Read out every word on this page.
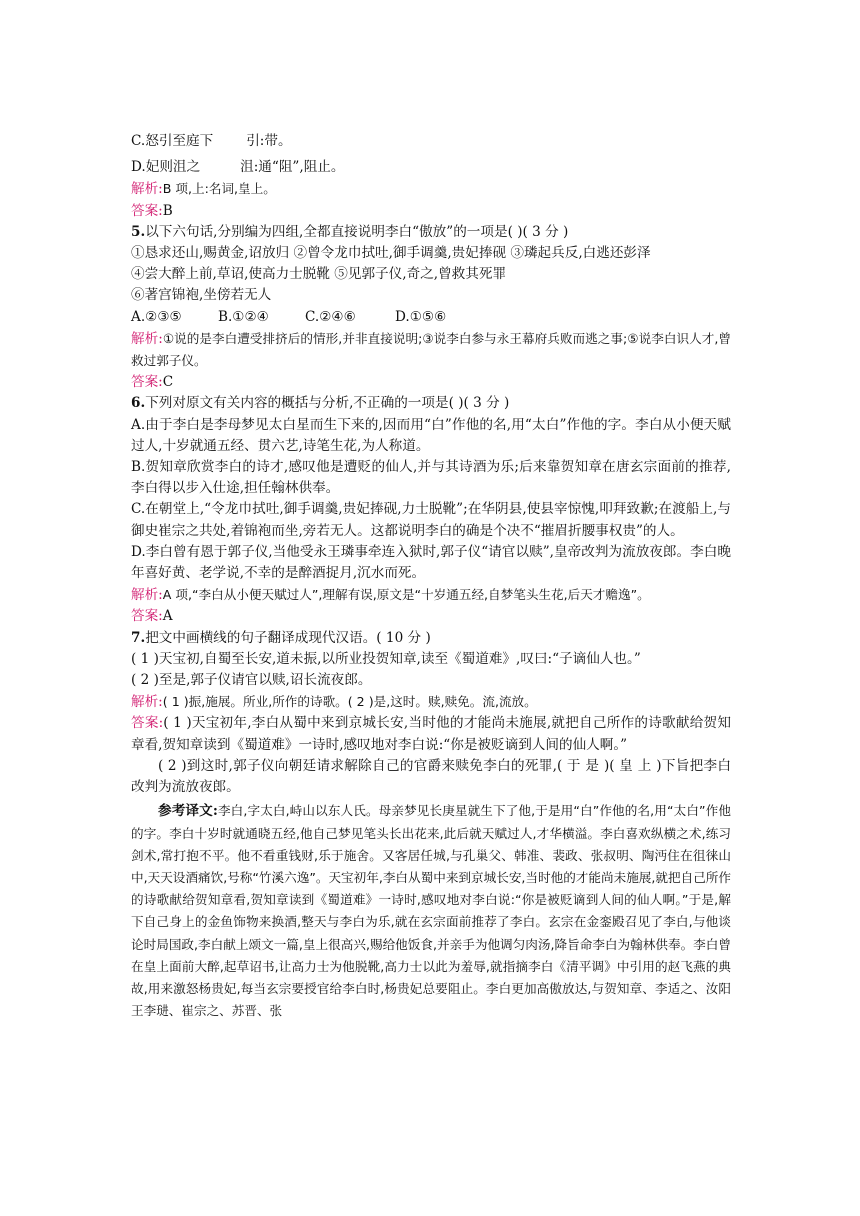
C.怒引至庭下 引:带。
D.妃则沮之	沮:通“阻”,阻止。
解析:B 项,上:名词,皇上。
答案:B
5.以下六句话,分别编为四组,全都直接说明李白“傲放”的一项是( )( 3 分 )
①恳求还山,赐黄金,诏放归 ②曾令龙巾拭吐,御手调羹,贵妃捧砚 ③璘起兵反,白逃还彭泽
④尝大醉上前,草诏,使高力士脱靴 ⑤见郭子仪,奇之,曾救其死罪
⑥著宫锦袍,坐傍若无人
A.②③⑤	B.①②④	C.②④⑥	D.①⑤⑥
解析:①说的是李白遭受排挤后的情形,并非直接说明;③说李白参与永王幕府兵败而逃之事;⑤说李白识人才,曾救过郭子仪。
答案:C
6.下列对原文有关内容的概括与分析,不正确的一项是( )( 3 分 )
A.由于李白是李母梦见太白星而生下来的,因而用“白”作他的名,用“太白”作他的字。李白从小便天赋过人,十岁就通五经、贯六艺,诗笔生花,为人称道。
B.贺知章欣赏李白的诗才,感叹他是遭贬的仙人,并与其诗酒为乐;后来靠贺知章在唐玄宗面前的推荐,李白得以步入仕途,担任翰林供奉。
C.在朝堂上,“令龙巾拭吐,御手调羹,贵妃捧砚,力士脱靴”;在华阴县,使县宰惊愧,叩拜致歉;在渡船上,与御史崔宗之共处,着锦袍而坐,旁若无人。这都说明李白的确是个决不“摧眉折腰事权贵”的人。
D.李白曾有恩于郭子仪,当他受永王璘事牵连入狱时,郭子仪“请官以赎”,皇帝改判为流放夜郎。李白晚年喜好黄、老学说,不幸的是醉酒捉月,沉水而死。
解析:A 项,“李白从小便天赋过人”,理解有误,原文是“十岁通五经,自梦笔头生花,后天才赡逸”。
答案:A
7.把文中画横线的句子翻译成现代汉语。( 10 分 )
( 1 )天宝初,自蜀至长安,道未振,以所业投贺知章,读至《蜀道难》,叹曰:“子谪仙人也。”
( 2 )至是,郭子仪请官以赎,诏长流夜郎。
解析:( 1 )振,施展。所业,所作的诗歌。( 2 )是,这时。赎,赎免。流,流放。
答案:( 1 )天宝初年,李白从蜀中来到京城长安,当时他的才能尚未施展,就把自己所作的诗歌献给贺知章看,贺知章读到《蜀道难》一诗时,感叹地对李白说:“你是被贬谪到人间的仙人啊。”
( 2 )到这时,郭子仪向朝廷请求解除自己的官爵来赎免李白的死罪,( 于 是 )( 皇 上 )下旨把李白改判为流放夜郎。
参考译文:李白,字太白,峙山以东人氏。母亲梦见长庚星就生下了他,于是用“白”作他的名,用“太白”作他的字。李白十岁时就通晓五经,他自己梦见笔头长出花来,此后就天赋过人,才华横溢。李白喜欢纵横之术,练习剑术,常打抱不平。他不看重钱财,乐于施舍。又客居任城,与孔巢父、韩准、裴政、张叔明、陶沔住在徂徕山中,天天设酒痛饮,号称“竹溪六逸”。天宝初年,李白从蜀中来到京城长安,当时他的才能尚未施展,就把自己所作的诗歌献给贺知章看,贺知章读到《蜀道难》一诗时,感叹地对李白说:“你是被贬谪到人间的仙人啊。”于是,解下自己身上的金鱼饰物来换酒,整天与李白为乐,就在玄宗面前推荐了李白。玄宗在金銮殿召见了李白,与他谈论时局国政,李白献上颂文一篇,皇上很高兴,赐给他饭食,并亲手为他调匀肉汤,降旨命李白为翰林供奉。李白曾在皇上面前大醉,起草诏书,让高力士为他脱靴,高力士以此为羞辱,就指摘李白《清平调》中引用的赵飞燕的典故,用来激怒杨贵妃,每当玄宗要授官给李白时,杨贵妃总要阻止。李白更加高傲放达,与贺知章、李适之、汝阳王李琎、崔宗之、苏晋、张
